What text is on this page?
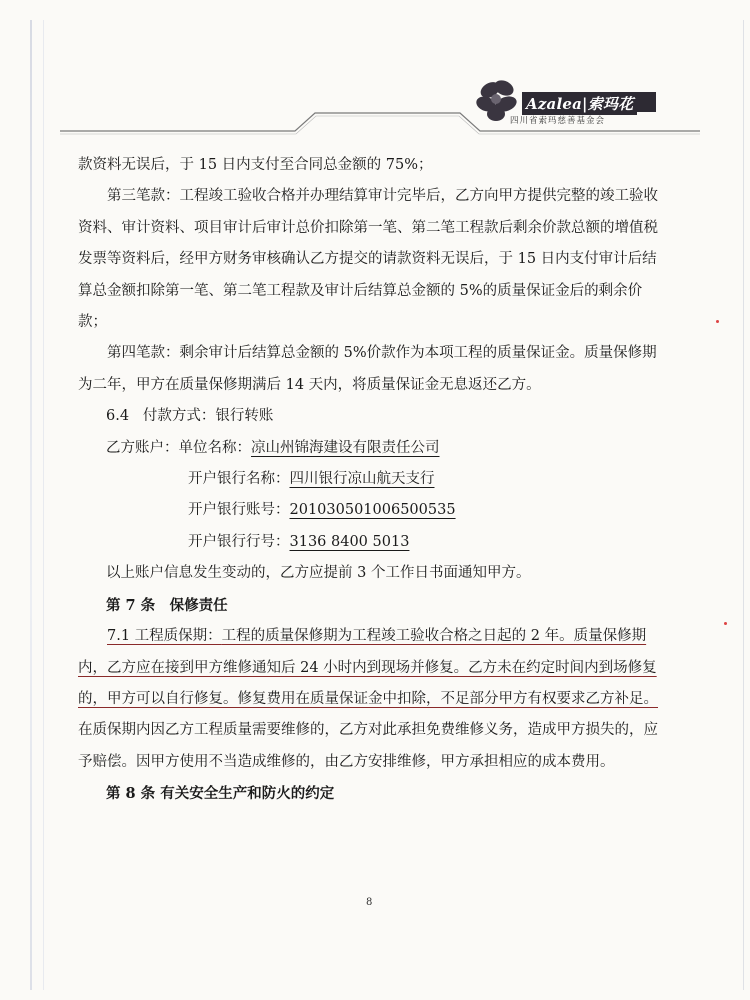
Azalea|索玛花
四川省索玛慈善基金会

款资料无误后，于 15 日内支付至合同总金额的 75%；

第三笔款：工程竣工验收合格并办理结算审计完毕后，乙方向甲方提供完整的竣工验收资料、审计资料、项目审计后审计总价扣除第一笔、第二笔工程款后剩余价款总额的增值税发票等资料后，经甲方财务审核确认乙方提交的请款资料无误后，于 15 日内支付审计后结算总金额扣除第一笔、第二笔工程款及审计后结算总金额的 5%的质量保证金后的剩余价款；

第四笔款：剩余审计后结算总金额的 5%价款作为本项工程的质量保证金。质量保修期为二年，甲方在质量保修期满后 14 天内，将质量保证金无息返还乙方。

6.4 付款方式：银行转账

乙方账户：单位名称：凉山州锦海建设有限责任公司

开户银行名称：四川银行凉山航天支行

开户银行账号：201030501006500535

开户银行行号：3136 8400 5013

以上账户信息发生变动的，乙方应提前 3 个工作日书面通知甲方。

第 7 条　保修责任

7.1 工程质保期：工程的质量保修期为工程竣工验收合格之日起的 2 年。质量保修期内，乙方应在接到甲方维修通知后 24 小时内到现场并修复。乙方未在约定时间内到场修复的，甲方可以自行修复。修复费用在质量保证金中扣除，不足部分甲方有权要求乙方补足。在质保期内因乙方工程质量需要维修的，乙方对此承担免费维修义务，造成甲方损失的，应予赔偿。因甲方使用不当造成维修的，由乙方安排维修，甲方承担相应的成本费用。

第 8 条 有关安全生产和防火的约定

8
